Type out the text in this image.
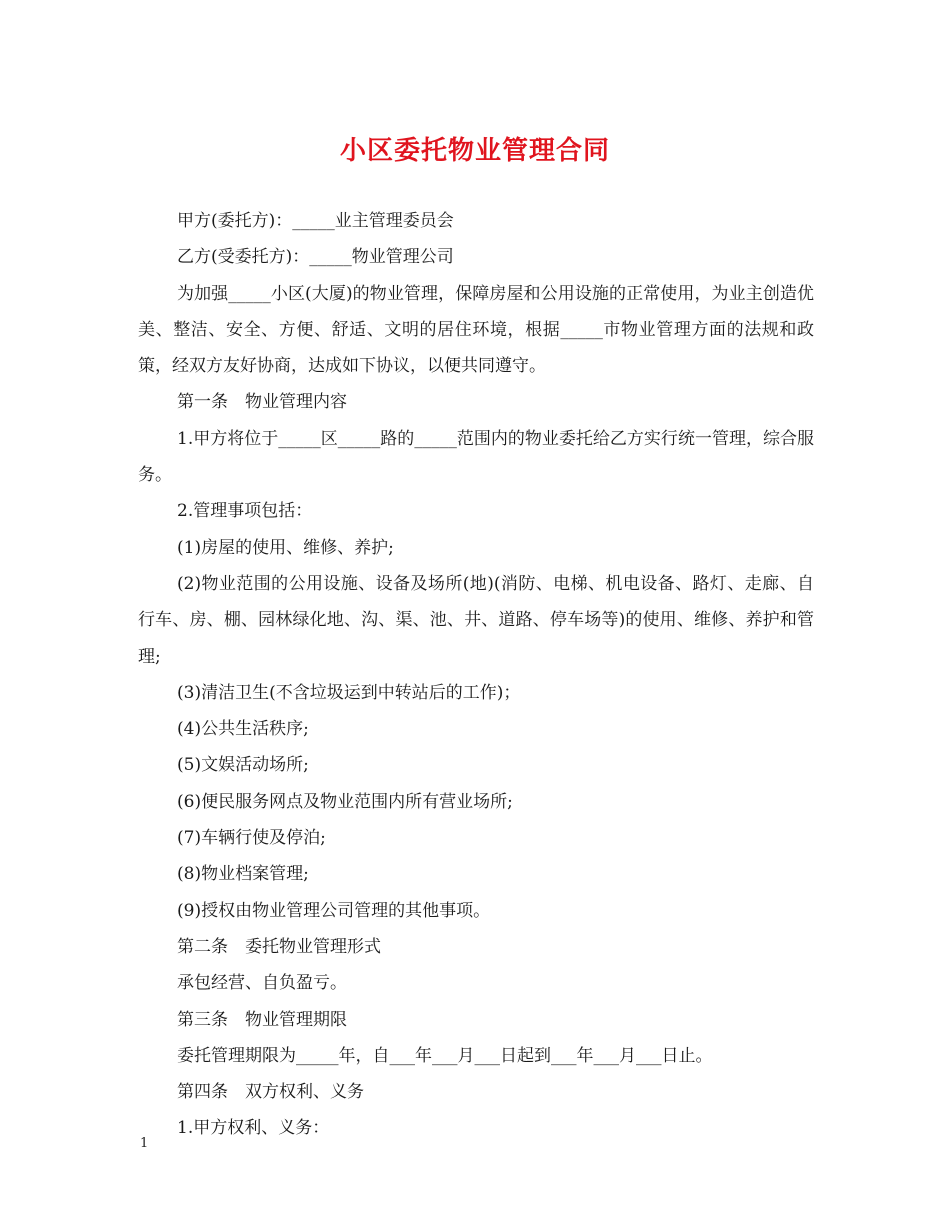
小区委托物业管理合同

甲方(委托方)：_____业主管理委员会

乙方(受委托方)：_____物业管理公司

为加强_____小区(大厦)的物业管理，保障房屋和公用设施的正常使用，为业主创造优美、整洁、安全、方便、舒适、文明的居住环境，根据_____市物业管理方面的法规和政策，经双方友好协商，达成如下协议，以便共同遵守。

第一条　物业管理内容

1.甲方将位于_____区_____路的_____范围内的物业委托给乙方实行统一管理，综合服务。

2.管理事项包括：

(1)房屋的使用、维修、养护;

(2)物业范围的公用设施、设备及场所(地)(消防、电梯、机电设备、路灯、走廊、自行车、房、棚、园林绿化地、沟、渠、池、井、道路、停车场等)的使用、维修、养护和管理;

(3)清洁卫生(不含垃圾运到中转站后的工作)；

(4)公共生活秩序;

(5)文娱活动场所;

(6)便民服务网点及物业范围内所有营业场所;

(7)车辆行使及停泊;

(8)物业档案管理;

(9)授权由物业管理公司管理的其他事项。

第二条　委托物业管理形式

承包经营、自负盈亏。

第三条　物业管理期限

委托管理期限为_____年，自___年___月___日起到___年___月___日止。

第四条　双方权利、义务

1.甲方权利、义务：

1
